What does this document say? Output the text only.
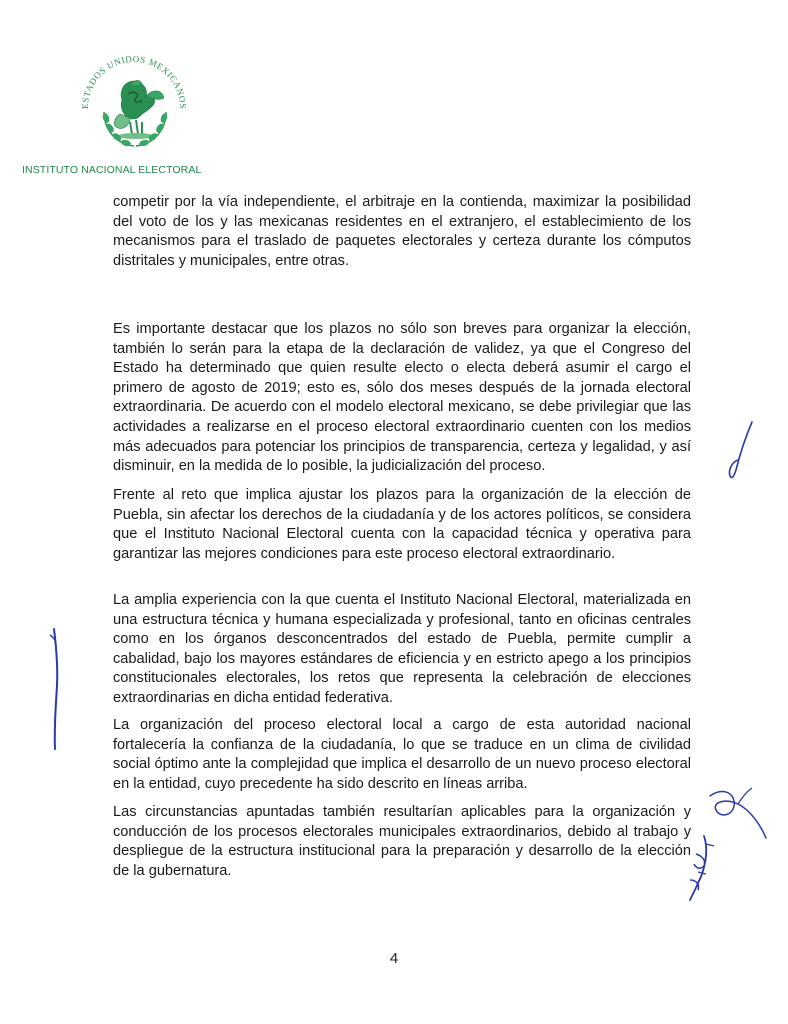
ESTADOS UNIDOS MEXICANOS
INSTITUTO NACIONAL ELECTORAL
competir por la vía independiente, el arbitraje en la contienda, maximizar la posibilidad del voto de los y las mexicanas residentes en el extranjero, el establecimiento de los mecanismos para el traslado de paquetes electorales y certeza durante los cómputos distritales y municipales, entre otras.
Es importante destacar que los plazos no sólo son breves para organizar la elección, también lo serán para la etapa de la declaración de validez, ya que el Congreso del Estado ha determinado que quien resulte electo o electa deberá asumir el cargo el primero de agosto de 2019; esto es, sólo dos meses después de la jornada electoral extraordinaria. De acuerdo con el modelo electoral mexicano, se debe privilegiar que las actividades a realizarse en el proceso electoral extraordinario cuenten con los medios más adecuados para potenciar los principios de transparencia, certeza y legalidad, y así disminuir, en la medida de lo posible, la judicialización del proceso.
Frente al reto que implica ajustar los plazos para la organización de la elección de Puebla, sin afectar los derechos de la ciudadanía y de los actores políticos, se considera que el Instituto Nacional Electoral cuenta con la capacidad técnica y operativa para garantizar las mejores condiciones para este proceso electoral extraordinario.
La amplia experiencia con la que cuenta el Instituto Nacional Electoral, materializada en una estructura técnica y humana especializada y profesional, tanto en oficinas centrales como en los órganos desconcentrados del estado de Puebla, permite cumplir a cabalidad, bajo los mayores estándares de eficiencia y en estricto apego a los principios constitucionales electorales, los retos que representa la celebración de elecciones extraordinarias en dicha entidad federativa.
La organización del proceso electoral local a cargo de esta autoridad nacional fortalecería la confianza de la ciudadanía, lo que se traduce en un clima de civilidad social óptimo ante la complejidad que implica el desarrollo de un nuevo proceso electoral en la entidad, cuyo precedente ha sido descrito en líneas arriba.
Las circunstancias apuntadas también resultarían aplicables para la organización y conducción de los procesos electorales municipales extraordinarios, debido al trabajo y despliegue de la estructura institucional para la preparación y desarrollo de la elección de la gubernatura.
4
